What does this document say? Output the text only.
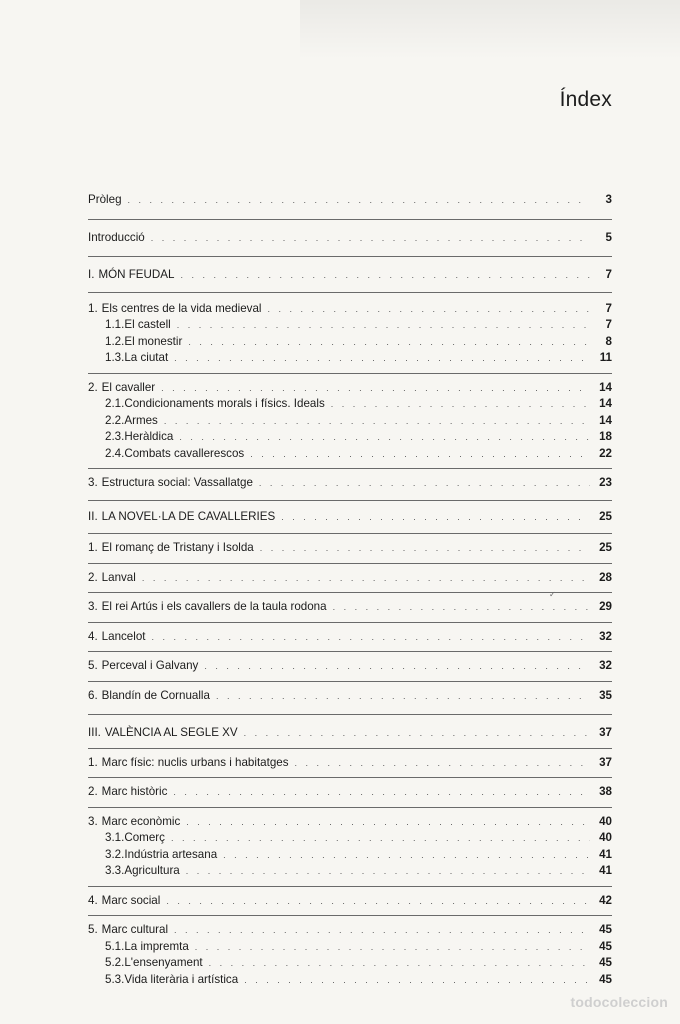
Índex
Pròleg . . .	3
Introducció . . .	5
I. MÓN FEUDAL . . .	7
1. Els centres de la vida medieval . . .	7
1.1. El castell . . .	7
1.2. El monestir . . .	8
1.3. La ciutat . . .	11
2. El cavaller . . .	14
2.1. Condicionaments morals i físics. Ideals . . .	14
2.2. Armes . . .	14
2.3. Heràldica . . .	18
2.4. Combats cavallerescos . . .	22
3. Estructura social: Vassallatge . . .	23
II. LA NOVEL·LA DE CAVALLERIES . . .	25
1. El romanç de Tristany i Isolda . . .	25
2. Lanval . . .	28
3. El rei Artús i els cavallers de la taula rodona . . .	29
4. Lancelot . . .	32
5. Perceval i Galvany . . .	32
6. Blandín de Cornualla . . .	35
III. VALÈNCIA AL SEGLE XV . . .	37
1. Marc físic: nuclis urbans i habitatges . . .	37
2. Marc històric . . .	38
3. Marc econòmic . . .	40
3.1. Comerç . . .	40
3.2. Indústria artesana . . .	41
3.3. Agricultura . . .	41
4. Marc social . . .	42
5. Marc cultural . . .	45
5.1. La impremta . . .	45
5.2. L'ensenyament . . .	45
5.3. Vida literària i artística . . .	45
✓
todocoleccion
